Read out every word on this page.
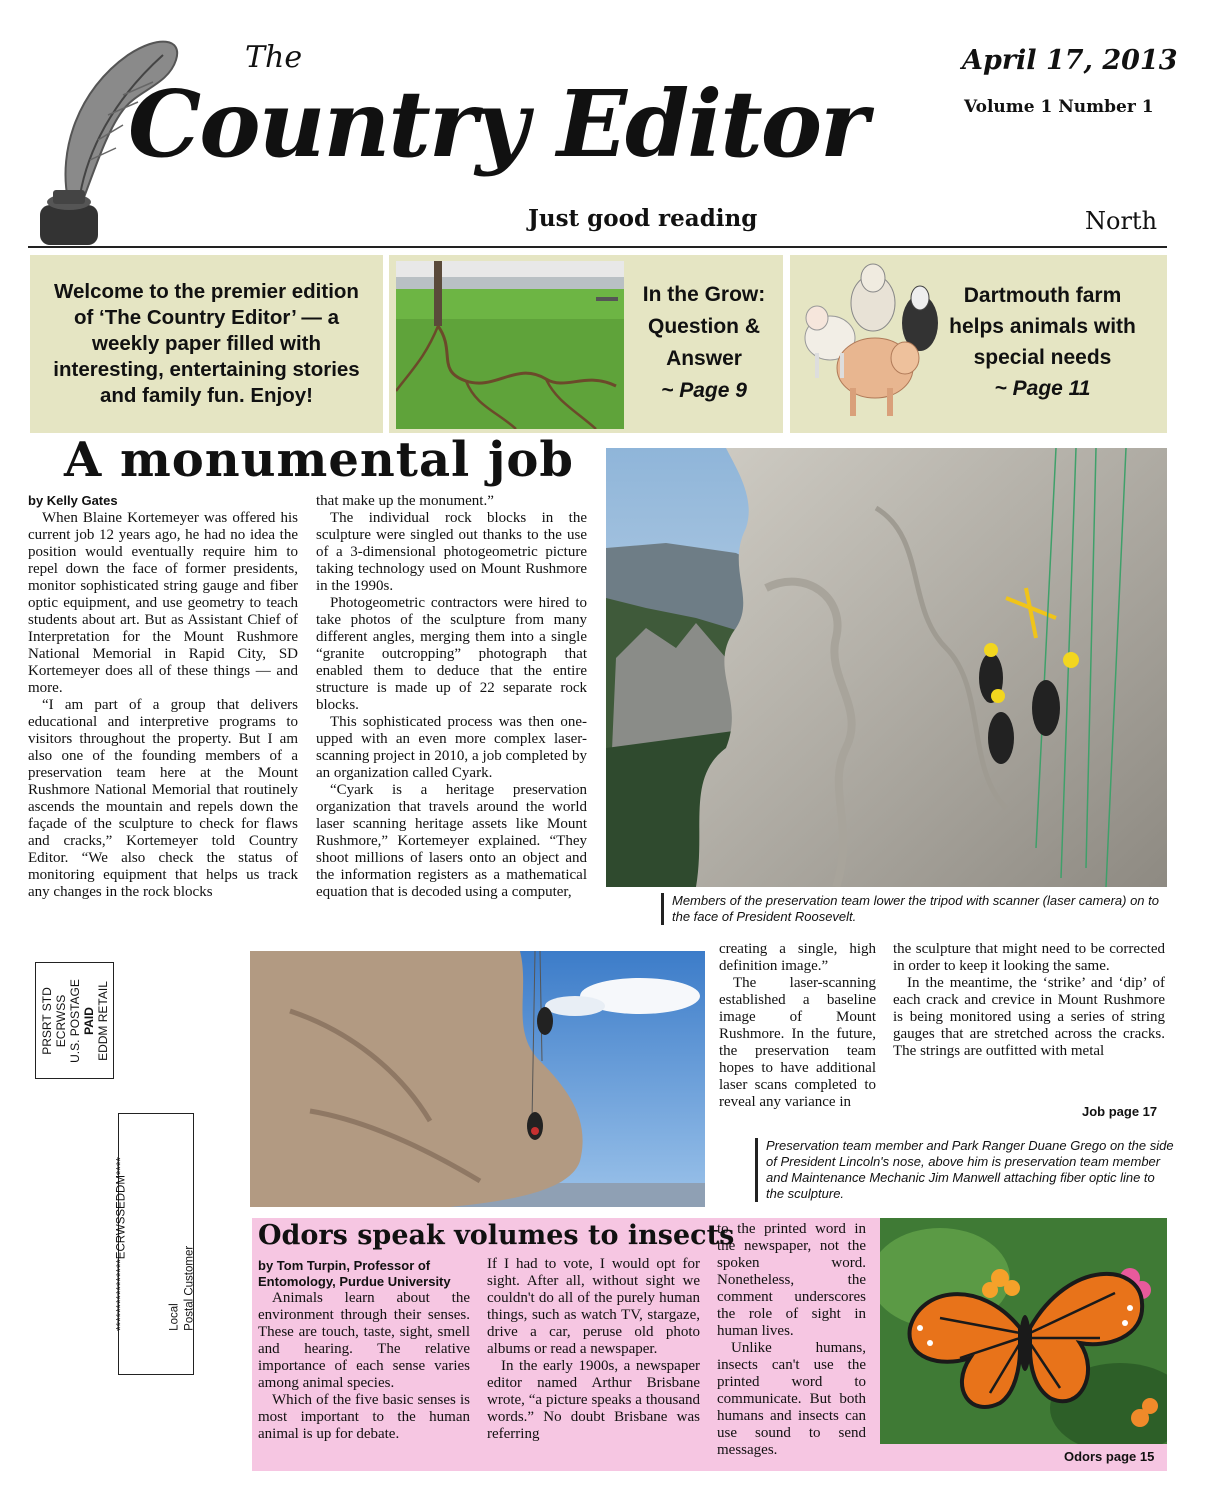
The
Country Editor
Just good reading
April 17, 2013
Volume 1 Number 1
North
Welcome to the premier edition of ‘The Country Editor’ — a weekly paper filled with interesting, entertaining stories and family fun. Enjoy!
In the Grow:
Question &
Answer
~ Page 9
Dartmouth farm
helps animals with
special needs
~ Page 11
A monumental job
by Kelly Gates

When Blaine Kortemeyer was offered his current job 12 years ago, he had no idea the position would eventually require him to repel down the face of former presidents, monitor sophisticated string gauge and fiber optic equipment, and use geometry to teach students about art. But as Assistant Chief of Interpretation for the Mount Rushmore National Memorial in Rapid City, SD Kortemeyer does all of these things — and more.

“I am part of a group that delivers educational and interpretive programs to visitors throughout the property. But I am also one of the founding members of a preservation team here at the Mount Rushmore National Memorial that routinely ascends the mountain and repels down the façade of the sculpture to check for flaws and cracks,” Kortemeyer told Country Editor. “We also check the status of monitoring equipment that helps us track any changes in the rock blocks

that make up the monument.”

The individual rock blocks in the sculpture were singled out thanks to the use of a 3-dimensional photogeometric picture taking technology used on Mount Rushmore in the 1990s.

Photogeometric contractors were hired to take photos of the sculpture from many different angles, merging them into a single “granite outcropping” photograph that enabled them to deduce that the entire structure is made up of 22 separate rock blocks.

This sophisticated process was then one-upped with an even more complex laser-scanning project in 2010, a job completed by an organization called Cyark.

“Cyark is a heritage preservation organization that travels around the world laser scanning heritage assets like Mount Rushmore,” Kortemeyer explained. “They shoot millions of lasers onto an object and the information registers as a mathematical equation that is decoded using a computer,

Members of the preservation team lower the tripod with scanner (laser camera) on to the face of President Roosevelt.

creating a single, high definition image.”

The laser-scanning established a baseline image of Mount Rushmore. In the future, the preservation team hopes to have additional laser scans completed to reveal any variance in

the sculpture that might need to be corrected in order to keep it looking the same.

In the meantime, the ‘strike’ and ‘dip’ of each crack and crevice in Mount Rushmore is being monitored using a series of string gauges that are stretched across the cracks. The strings are outfitted with metal

Job page 17
Preservation team member and Park Ranger Duane Grego on the side of President Lincoln's nose, above him is preservation team member and Maintenance Mechanic Jim Manwell attaching fiber optic line to the sculpture.
PRSRT STD ECRWSS U.S. POSTAGE PAID EDDM RETAIL
****************ECRWSSEDDM****	Local Postal Customer
Odors speak volumes to insects
by Tom Turpin, Professor of Entomology, Purdue University

Animals learn about the environment through their senses. These are touch, taste, sight, smell and hearing. The relative importance of each sense varies among animal species.

Which of the five basic senses is most important to the human animal is up for debate.

If I had to vote, I would opt for sight. After all, without sight we couldn't do all of the purely human things, such as watch TV, stargaze, drive a car, peruse old photo albums or read a newspaper.

In the early 1900s, a newspaper editor named Arthur Brisbane wrote, “a picture speaks a thousand words.” No doubt Brisbane was referring

to the printed word in the newspaper, not the spoken word. Nonetheless, the comment underscores the role of sight in human lives.

Unlike humans, insects can't use the printed word to communicate. But both humans and insects can use sound to send messages.	Odors page 15
